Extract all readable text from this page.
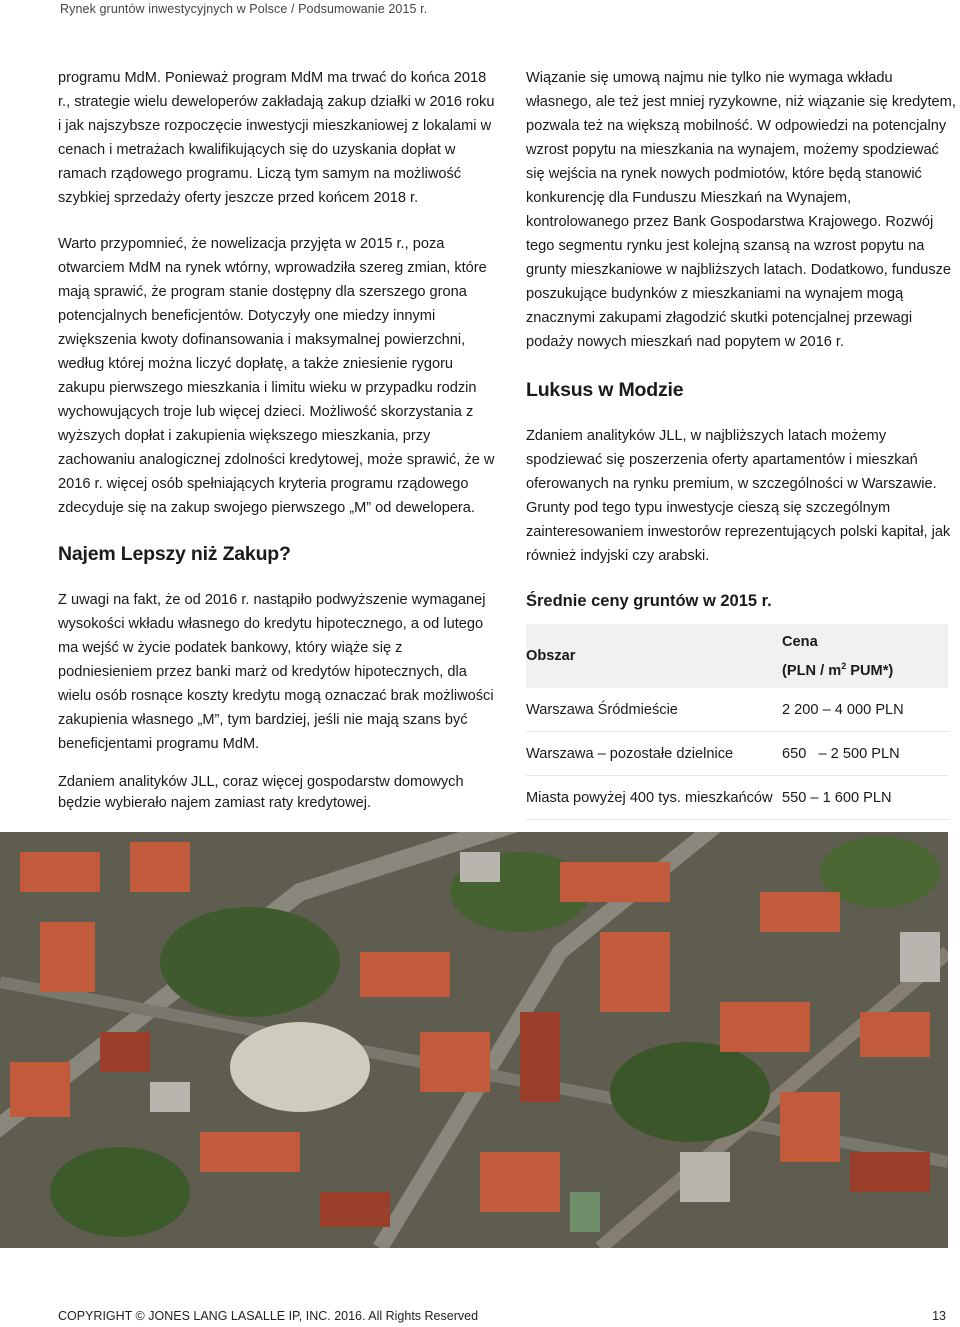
Rynek gruntów inwestycyjnych w Polsce / Podsumowanie 2015 r.

programu MdM. Ponieważ program MdM ma trwać do końca 2018 r., strategie wielu deweloperów zakładają zakup działki w 2016 roku i jak najszybsze rozpoczęcie inwestycji mieszkaniowej z lokalami w cenach i metrażach kwalifikujących się do uzyskania dopłat w ramach rządowego programu. Liczą tym samym na możliwość szybkiej sprzedaży oferty jeszcze przed końcem 2018 r.

Warto przypomnieć, że nowelizacja przyjęta w 2015 r., poza otwarciem MdM na rynek wtórny, wprowadziła szereg zmian, które mają sprawić, że program stanie dostępny dla szerszego grona potencjalnych beneficjentów. Dotyczyły one miedzy innymi zwiększenia kwoty dofinansowania i maksymalnej powierzchni, według której można liczyć dopłatę, a także zniesienie rygoru zakupu pierwszego mieszkania i limitu wieku w przypadku rodzin wychowujących troje lub więcej dzieci. Możliwość skorzystania z wyższych dopłat i zakupienia większego mieszkania, przy zachowaniu analogicznej zdolności kredytowej, może sprawić, że w 2016 r. więcej osób spełniających kryteria programu rządowego zdecyduje się na zakup swojego pierwszego „M” od dewelopera.

Najem Lepszy niż Zakup?

Z uwagi na fakt, że od 2016 r. nastąpiło podwyższenie wymaganej wysokości wkładu własnego do kredytu hipotecznego, a od lutego ma wejść w życie podatek bankowy, który wiąże się z podniesieniem przez banki marż od kredytów hipotecznych, dla wielu osób rosnące koszty kredytu mogą oznaczać brak możliwości zakupienia własnego „M”, tym bardziej, jeśli nie mają szans być beneficjentami programu MdM.

Zdaniem analityków JLL, coraz więcej gospodarstw domowych będzie wybierało najem zamiast raty kredytowej.

Wiązanie się umową najmu nie tylko nie wymaga wkładu własnego, ale też jest mniej ryzykowne, niż wiązanie się kredytem, pozwala też na większą mobilność. W odpowiedzi na potencjalny wzrost popytu na mieszkania na wynajem, możemy spodziewać się wejścia na rynek nowych podmiotów, które będą stanowić konkurencję dla Funduszu Mieszkań na Wynajem, kontrolowanego przez Bank Gospodarstwa Krajowego. Rozwój tego segmentu rynku jest kolejną szansą na wzrost popytu na grunty mieszkaniowe w najbliższych latach. Dodatkowo, fundusze poszukujące budynków z mieszkaniami na wynajem mogą znacznymi zakupami złagodzić skutki potencjalnej przewagi podaży nowych mieszkań nad popytem w 2016 r.

Luksus w Modzie

Zdaniem analityków JLL, w najbliższych latach możemy spodziewać się poszerzenia oferty apartamentów i mieszkań oferowanych na rynku premium, w szczególności w Warszawie. Grunty pod tego typu inwestycje cieszą się szczególnym zainteresowaniem inwestorów reprezentujących polski kapitał, jak również indyjski czy arabski.

Średnie ceny gruntów w 2015 r.
Obszar	Cena
($PLN / m^2$ PUM*)
Warszawa Śródmieście	2 200 – 4 000 PLN
Warszawa – pozostałe dzielnice	650   – 2 500 PLN
Miasta powyżej 400 tys. mieszkańców	550 – 1 600 PLN
COPYRIGHT © JONES LANG LASALLE IP, INC. 2016. All Rights Reserved	13
